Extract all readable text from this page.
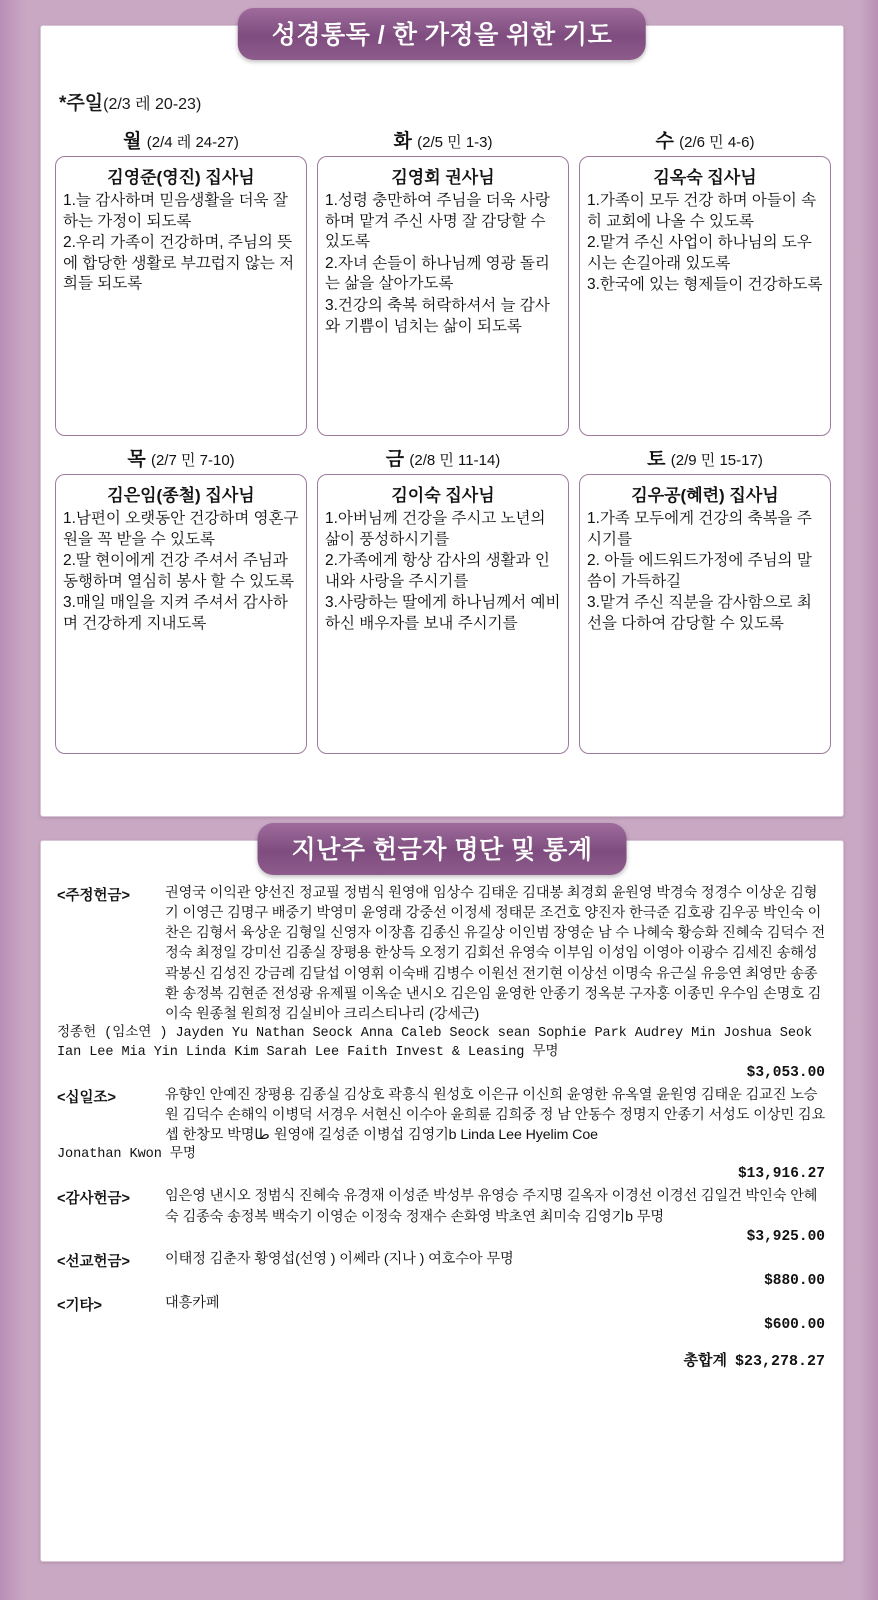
성경통독 / 한 가정을 위한 기도
*주일(2/3 레 20-23)
월 (2/4 레 24-27)
김영준(영진) 집사님
1.늘 감사하며 믿음생활을 더욱 잘하는 가정이 되도록
2.우리 가족이 건강하며, 주님의 뜻에 합당한 생활로 부끄럽지 않는 저희들 되도록
화 (2/5 민 1-3)
김영회 권사님
1.성령 충만하여 주님을 더욱 사랑하며 맡겨 주신 사명 잘 감당할 수 있도록
2.자녀 손들이 하나님께 영광 돌리는 삶을 살아가도록
3.건강의 축복 허락하셔서 늘 감사와 기쁨이 넘치는 삶이 되도록
수 (2/6 민 4-6)
김옥숙 집사님
1.가족이 모두 건강 하며 아들이 속히 교회에 나올 수 있도록
2.맡겨 주신 사업이 하나님의 도우시는 손길아래 있도록
3.한국에 있는 형제들이 건강하도록
목 (2/7 민 7-10)
김은임(종철) 집사님
1.남편이 오랫동안 건강하며 영혼구원을 꼭 받을 수 있도록
2.딸 현이에게 건강 주셔서 주님과 동행하며 열심히 봉사 할 수 있도록
3.매일 매일을 지켜 주셔서 감사하며 건강하게 지내도록
금 (2/8 민 11-14)
김이숙 집사님
1.아버님께 건강을 주시고 노년의 삶이 풍성하시기를
2.가족에게 항상 감사의 생활과 인내와 사랑을 주시기를
3.사랑하는 딸에게 하나님께서 예비하신 배우자를 보내 주시기를
토 (2/9 민 15-17)
김우공(혜련) 집사님
1.가족 모두에게 건강의 축복을 주시기를
2. 아들 에드워드가정에 주님의 말씀이 가득하길
3.맡겨 주신 직분을 감사함으로 최선을 다하여 감당할 수 있도록
지난주 헌금자 명단 및 통계
<주정헌금>	권영국 이익관 양선진 정교필 정범식 원영애 임상수 김태운 김대봉 최경회 윤원영 박경숙 정경수 이상운 김형기 이영근 김명구 배중기 박영미 윤영래 강중선 이정세 정태문 조건호 양진자 한극준 김호광 김우공 박인숙 이찬은 김형서 육상운 김형일 신영자 이장흠 김종신 유길상 이인범 장영순 남 수 나혜숙 황승화 진혜숙 김덕수 전정숙 최정일 강미선 김종실 장평용 한상득 오정기 김회선 유영숙 이부임 이성임 이영아 이광수 김세진 송해성 곽봉신 김성진 강금례 김달섭 이영휘 이숙배 김병수 이원선 전기현 이상선 이명숙 유근실 유응연 최영만 송종환 송정복 김현준 전성광 유제필 이옥순 낸시오 김은임 윤영한 안종기 정옥분 구자홍 이종민 우수임 손명호 김이숙 원종철 원희정 김실비아 크리스티나리 (강세근)
정종헌 (임소연 ) Jayden Yu Nathan Seock Anna Caleb Seock sean Sophie Park Audrey Min Joshua Seok Ian Lee Mia Yin Linda Kim Sarah Lee Faith Invest & Leasing 무명
$3,053.00
<십일조>	유향인 안예진 장평용 김종실 김상호 곽흥식 원성호 이은규 이신희 윤영한 유옥열 윤원영 김태운 김교진 노승원 김덕수 손해익 이병덕 서경우 서현신 이수아 윤희륜 김희중 정 남 안동수 정명지 안종기 서성도 이상민 김요셉 한창모 박명طا 원영애 길성준 이병섭 김영기b Linda Lee Hyelim Coe
Jonathan Kwon 무명
$13,916.27
<감사헌금>	임은영 낸시오 정범식 진혜숙 유경재 이성준 박성부 유영승 주지명 길옥자 이경선 이경선 김일건 박인숙 안혜숙 김종숙 송정복 백숙기 이영순 이정숙 정재수 손화영 박초연 최미숙 김영기b 무명
$3,925.00
<선교헌금>	이태정 김춘자 황영섭(선영 ) 이쎄라 (지나 ) 여호수아 무명
$880.00
<기타>	대흥카페
$600.00
총합계 $23,278.27
